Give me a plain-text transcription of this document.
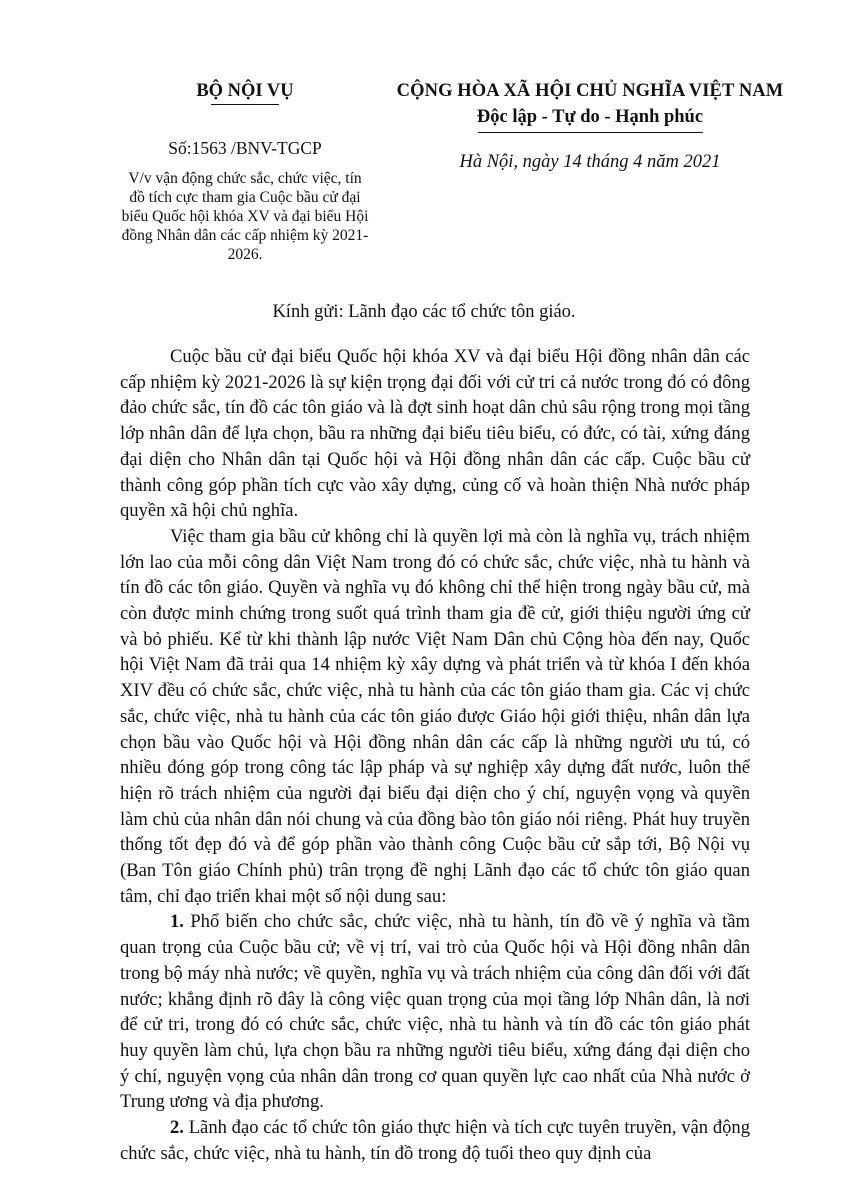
BỘ NỘI VỤ
Số:1563 /BNV-TGCP
V/v vận động chức sắc, chức việc, tín đồ tích cực tham gia Cuộc bầu cử đại biểu Quốc hội khóa XV và đại biểu Hội đồng Nhân dân các cấp nhiệm kỳ 2021-2026.
CỘNG HÒA XÃ HỘI CHỦ NGHĨA VIỆT NAM
Độc lập - Tự do - Hạnh phúc
Hà Nội, ngày 14 tháng 4 năm 2021
Kính gửi: Lãnh đạo các tổ chức tôn giáo.

Cuộc bầu cử đại biểu Quốc hội khóa XV và đại biểu Hội đồng nhân dân các cấp nhiệm kỳ 2021-2026 là sự kiện trọng đại đối với cử tri cả nước trong đó có đông đảo chức sắc, tín đồ các tôn giáo và là đợt sinh hoạt dân chủ sâu rộng trong mọi tầng lớp nhân dân để lựa chọn, bầu ra những đại biểu tiêu biểu, có đức, có tài, xứng đáng đại diện cho Nhân dân tại Quốc hội và Hội đồng nhân dân các cấp. Cuộc bầu cử thành công góp phần tích cực vào xây dựng, củng cố và hoàn thiện Nhà nước pháp quyền xã hội chủ nghĩa.

Việc tham gia bầu cử không chỉ là quyền lợi mà còn là nghĩa vụ, trách nhiệm lớn lao của mỗi công dân Việt Nam trong đó có chức sắc, chức việc, nhà tu hành và tín đồ các tôn giáo. Quyền và nghĩa vụ đó không chỉ thể hiện trong ngày bầu cử, mà còn được minh chứng trong suốt quá trình tham gia đề cử, giới thiệu người ứng cử và bỏ phiếu. Kể từ khi thành lập nước Việt Nam Dân chủ Cộng hòa đến nay, Quốc hội Việt Nam đã trải qua 14 nhiệm kỳ xây dựng và phát triển và từ khóa I đến khóa XIV đều có chức sắc, chức việc, nhà tu hành của các tôn giáo tham gia. Các vị chức sắc, chức việc, nhà tu hành của các tôn giáo được Giáo hội giới thiệu, nhân dân lựa chọn bầu vào Quốc hội và Hội đồng nhân dân các cấp là những người ưu tú, có nhiều đóng góp trong công tác lập pháp và sự nghiệp xây dựng đất nước, luôn thể hiện rõ trách nhiệm của người đại biểu đại diện cho ý chí, nguyện vọng và quyền làm chủ của nhân dân nói chung và của đồng bào tôn giáo nói riêng. Phát huy truyền thống tốt đẹp đó và để góp phần vào thành công Cuộc bầu cử sắp tới, Bộ Nội vụ (Ban Tôn giáo Chính phủ) trân trọng đề nghị Lãnh đạo các tổ chức tôn giáo quan tâm, chỉ đạo triển khai một số nội dung sau:

1. Phổ biến cho chức sắc, chức việc, nhà tu hành, tín đồ về ý nghĩa và tầm quan trọng của Cuộc bầu cử; về vị trí, vai trò của Quốc hội và Hội đồng nhân dân trong bộ máy nhà nước; về quyền, nghĩa vụ và trách nhiệm của công dân đối với đất nước; khẳng định rõ đây là công việc quan trọng của mọi tầng lớp Nhân dân, là nơi để cử tri, trong đó có chức sắc, chức việc, nhà tu hành và tín đồ các tôn giáo phát huy quyền làm chủ, lựa chọn bầu ra những người tiêu biểu, xứng đáng đại diện cho ý chí, nguyện vọng của nhân dân trong cơ quan quyền lực cao nhất của Nhà nước ở Trung ương và địa phương.

2. Lãnh đạo các tổ chức tôn giáo thực hiện và tích cực tuyên truyền, vận động chức sắc, chức việc, nhà tu hành, tín đồ trong độ tuổi theo quy định của
